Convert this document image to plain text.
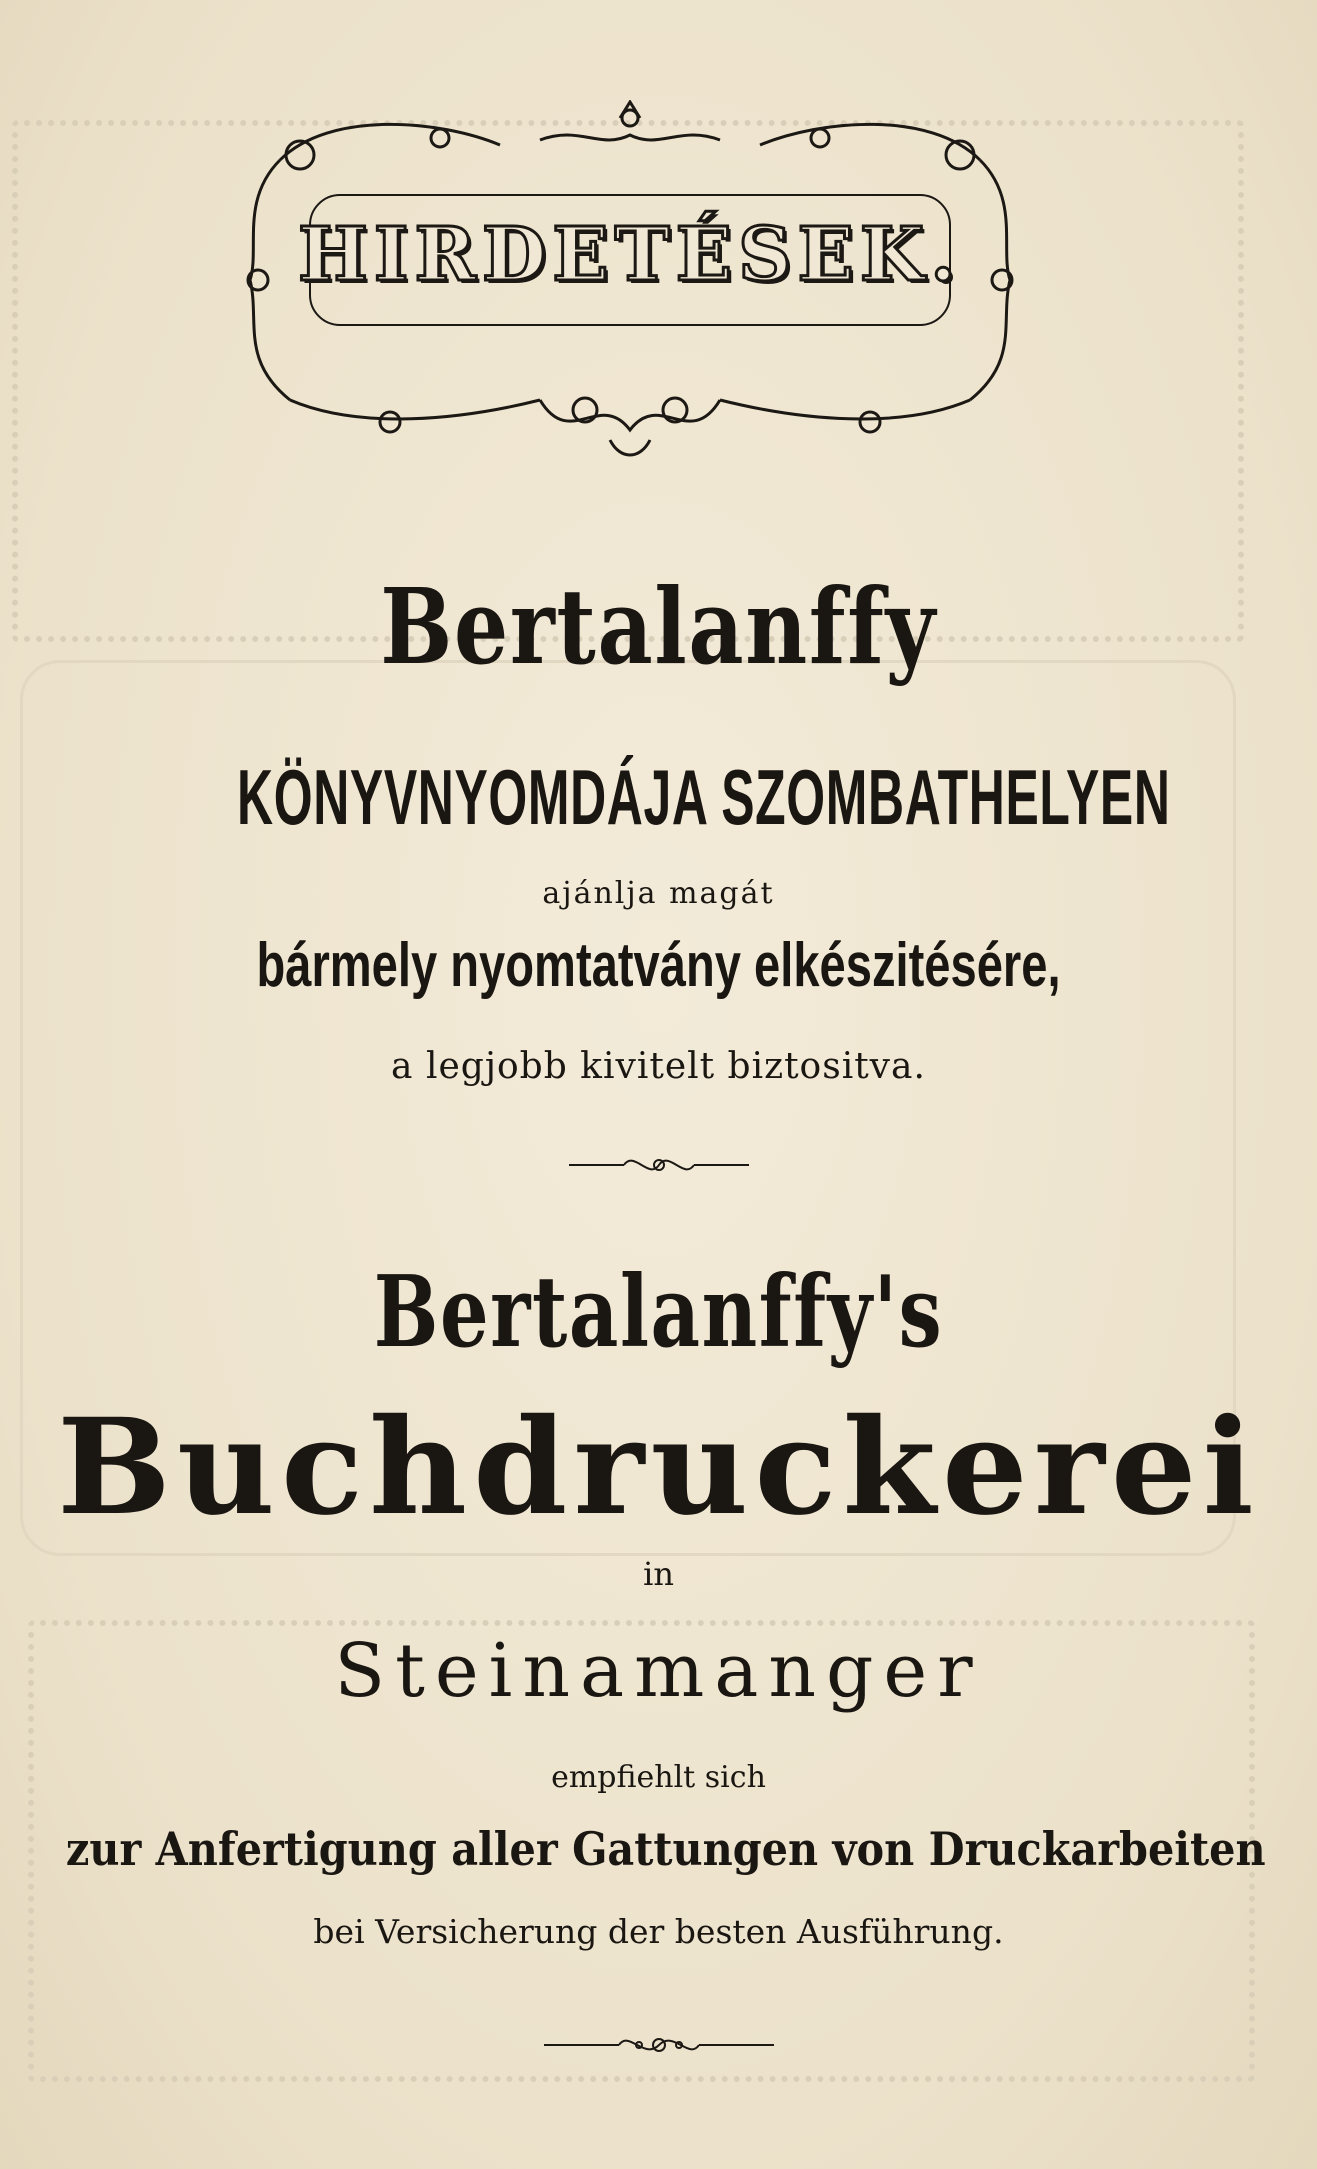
HIRDETÉSEK.
Bertalanffy
KÖNYVNYOMDÁJA SZOMBATHELYEN
ajánlja magát
bármely nyomtatvány elkészitésére,
a legjobb kivitelt biztositva.
Bertalanffy's
Buchdruckerei
in
Steinamanger
empfiehlt sich
zur Anfertigung aller Gattungen von Druckarbeiten
bei Versicherung der besten Ausführung.
